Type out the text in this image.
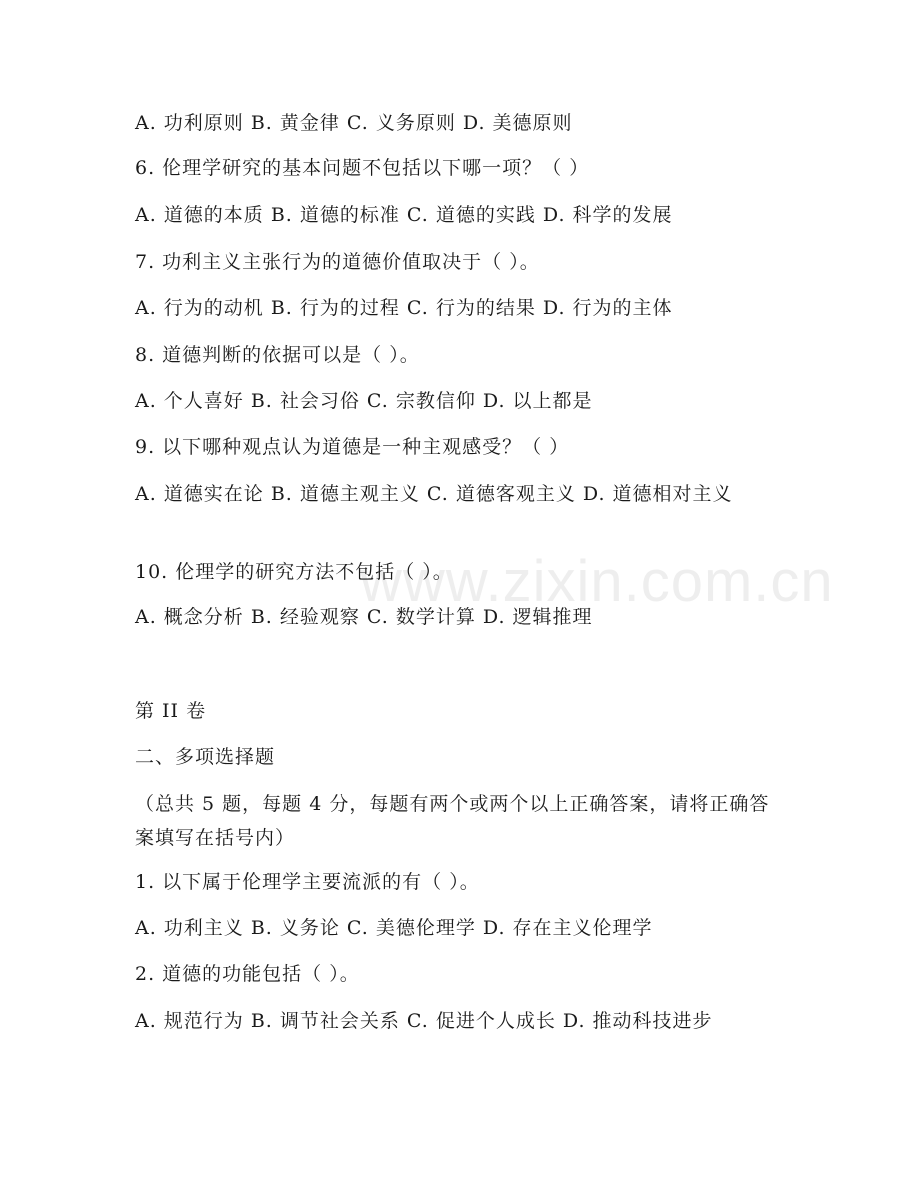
www.zixin.com.cn
A. 功利原则 B. 黄金律 C. 义务原则 D. 美德原则
6. 伦理学研究的基本问题不包括以下哪一项？（ ）
A. 道德的本质 B. 道德的标准 C. 道德的实践 D. 科学的发展
7. 功利主义主张行为的道德价值取决于（ ）。
A. 行为的动机 B. 行为的过程 C. 行为的结果 D. 行为的主体
8. 道德判断的依据可以是（ ）。
A. 个人喜好 B. 社会习俗 C. 宗教信仰 D. 以上都是
9. 以下哪种观点认为道德是一种主观感受？（ ）
A. 道德实在论 B. 道德主观主义 C. 道德客观主义 D. 道德相对主义
10. 伦理学的研究方法不包括（ ）。
A. 概念分析 B. 经验观察 C. 数学计算 D. 逻辑推理
第 II 卷
二、多项选择题
（总共 5 题，每题 4 分，每题有两个或两个以上正确答案，请将正确答案填写在括号内）
1. 以下属于伦理学主要流派的有（ ）。
A. 功利主义 B. 义务论 C. 美德伦理学 D. 存在主义伦理学
2. 道德的功能包括（ ）。
A. 规范行为 B. 调节社会关系 C. 促进个人成长 D. 推动科技进步
